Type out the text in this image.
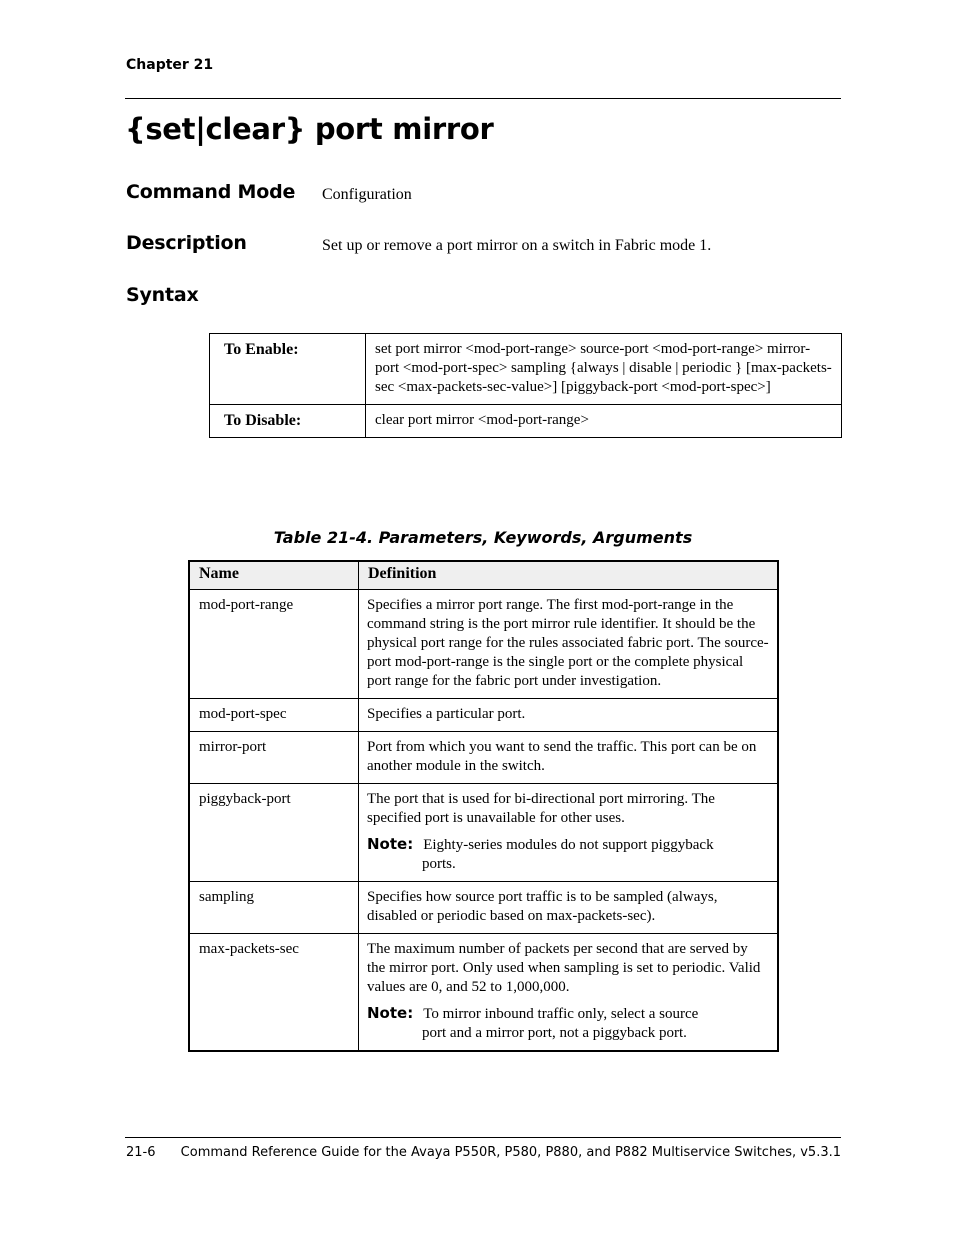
Chapter 21
{set|clear} port mirror
Command Mode Configuration
Description	Set up or remove a port mirror on a switch in Fabric mode 1.
Syntax
To Enable:	set port mirror <mod-port-range> source-port <mod-port-range> mirror-port <mod-port-spec> sampling {always | disable | periodic } [max-packets-sec <max-packets-sec-value>] [piggyback-port <mod-port-spec>]
To Disable:	clear port mirror <mod-port-range>
Table 21-4. Parameters, Keywords, Arguments
Name	Definition
mod-port-range	Specifies a mirror port range. The first mod-port-range in the command string is the port mirror rule identifier. It should be the physical port range for the rules associated fabric port. The source-port mod-port-range is the single port or the complete physical port range for the fabric port under investigation.
mod-port-spec	Specifies a particular port.
mirror-port	Port from which you want to send the traffic. This port can be on another module in the switch.
piggyback-port	The port that is used for bi-directional port mirroring. The specified port is unavailable for other uses.
Note: Eighty-series modules do not support piggyback
ports.

sampling	Specifies how source port traffic is to be sampled (always, disabled or periodic based on max-packets-sec).
max-packets-sec	The maximum number of packets per second that are served by the mirror port. Only used when sampling is set to periodic. Valid values are 0, and 52 to 1,000,000.
Note: To mirror inbound traffic only, select a source
port and a mirror port, not a piggyback port.
21-6 Command Reference Guide for the Avaya P550R, P580, P880, and P882 Multiservice Switches, v5.3.1
